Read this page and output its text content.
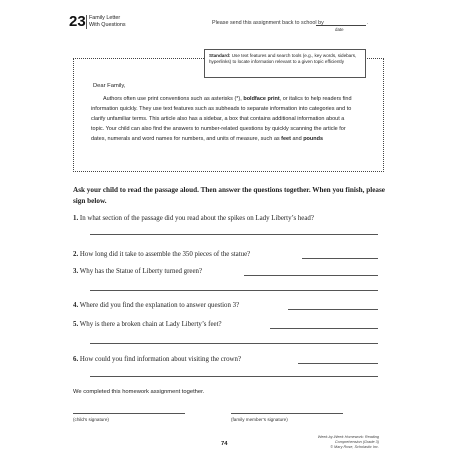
23 Family Letter
With Questions	Please send this assignment back to school by	.
date
Standard: Use text features and search tools (e.g., key words, sidebars, hyperlinks) to locate information relevant to a given topic efficiently
Dear Family,
Authors often use print conventions such as asterisks (*), boldface print, or italics to help readers find information quickly. They use text features such as subheads to separate information into categories and to clarify unfamiliar terms. This article also has a sidebar, a box that contains additional information about a topic. Your child can also find the answers to number-related questions by quickly scanning the article for dates, numerals and word names for numbers, and units of measure, such as feet and pounds
Ask your child to read the passage aloud. Then answer the questions together. When you finish, please sign below.
1. In what section of the passage did you read about the spikes on Lady Liberty’s head?
2. How long did it take to assemble the 350 pieces of the statue?
3. Why has the Statue of Liberty turned green?
4. Where did you find the explanation to answer question 3?
5. Why is there a broken chain at Lady Liberty’s feet?
6. How could you find information about visiting the crown?
We completed this homework assignment together.
(child’s signature)	(family member’s signature)
74
Week-by-Week Homework: Reading Comprehension (Grade 3)
© Mary Rose, Scholastic Inc.
